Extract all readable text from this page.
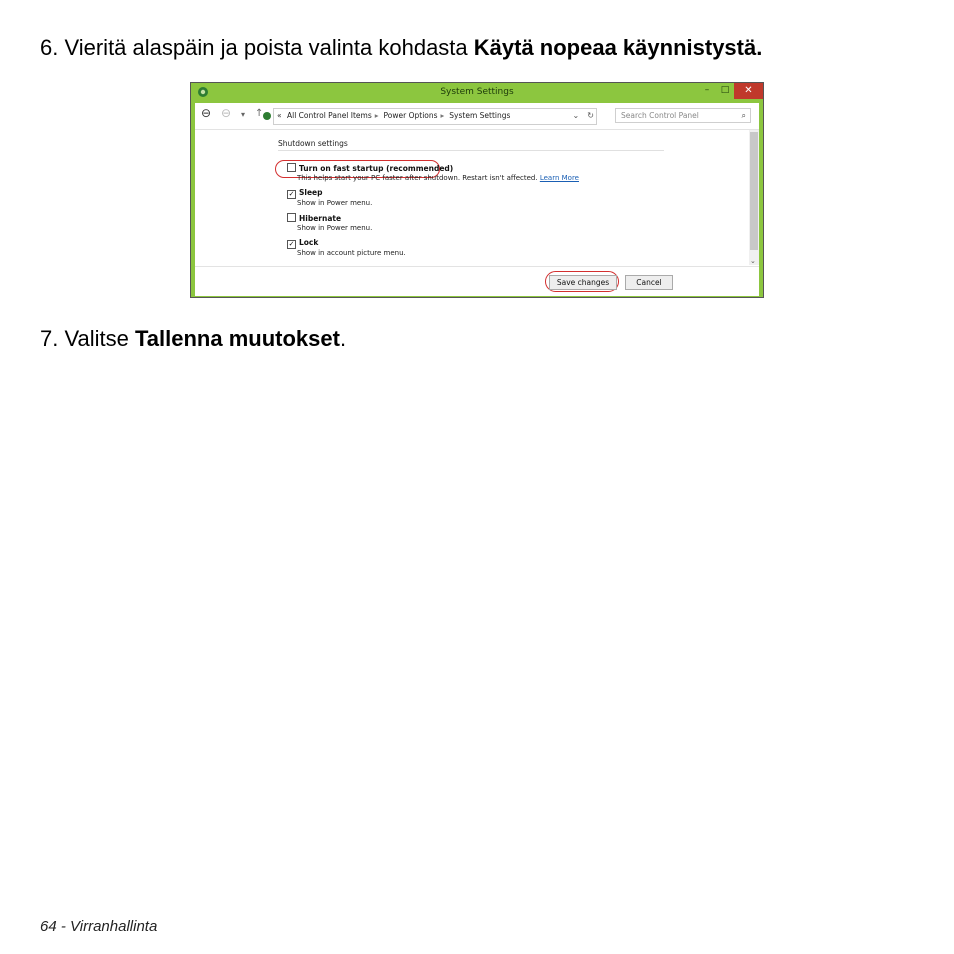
6. Vieritä alaspäin ja poista valinta kohdasta Käytä nopeaa käynnistystä.
System Settings	–	□	✕
⊖ ⊖ ▾ ↑	« All Control Panel Items ▸ Power Options ▸ System Settings	⌄ ↻	Search Control Panel	⌕
Shutdown settings
Turn on fast startup (recommended)
This helps start your PC faster after shutdown. Restart isn't affected. Learn More
✓ Sleep
Show in Power menu.
Hibernate
Show in Power menu.
✓ Lock
Show in account picture menu.
⌄
Save changes	Cancel
7. Valitse Tallenna muutokset.
64 - Virranhallinta
